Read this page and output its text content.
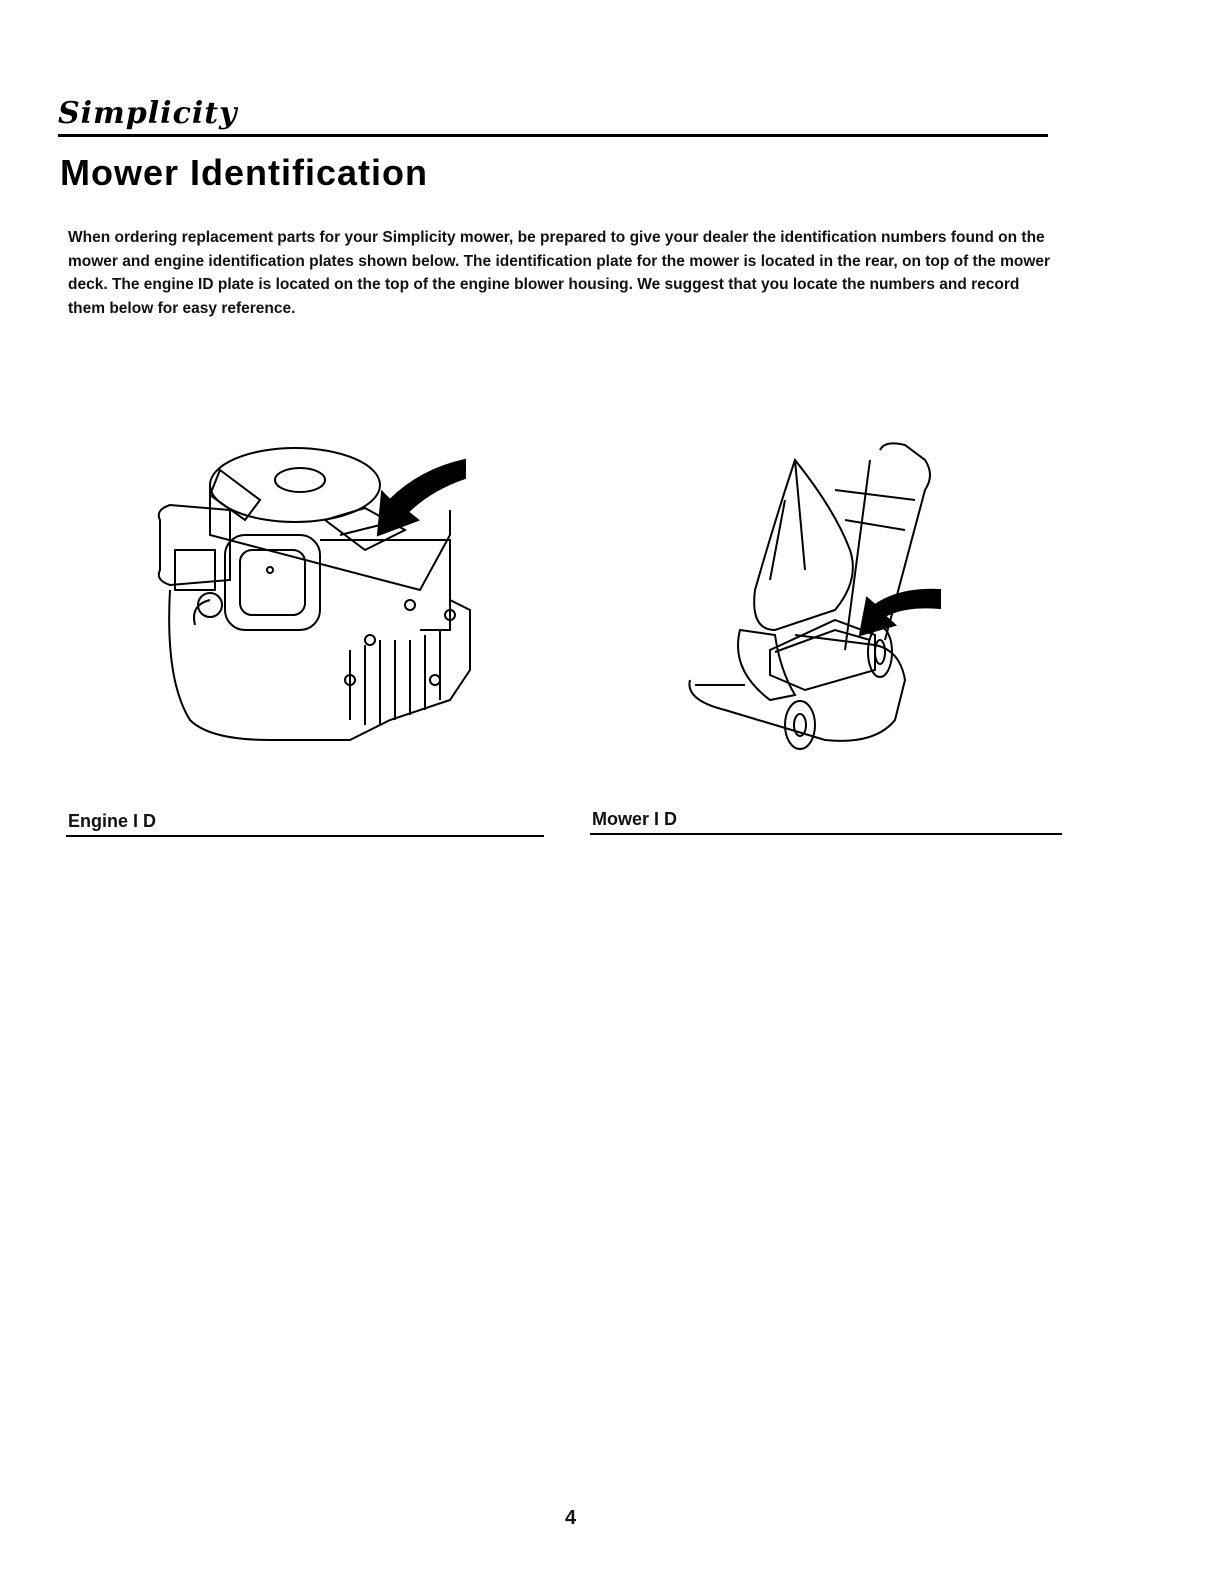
Simplicity
Mower Identification

When ordering replacement parts for your Simplicity mower, be prepared to give your dealer the identification numbers found on the mower and engine identification plates shown below. The identification plate for the mower is located in the rear, on top of the mower deck. The engine ID plate is located on the top of the engine blower housing. We suggest that you locate the numbers and record them below for easy reference.

Engine I D	Mower I D
4
